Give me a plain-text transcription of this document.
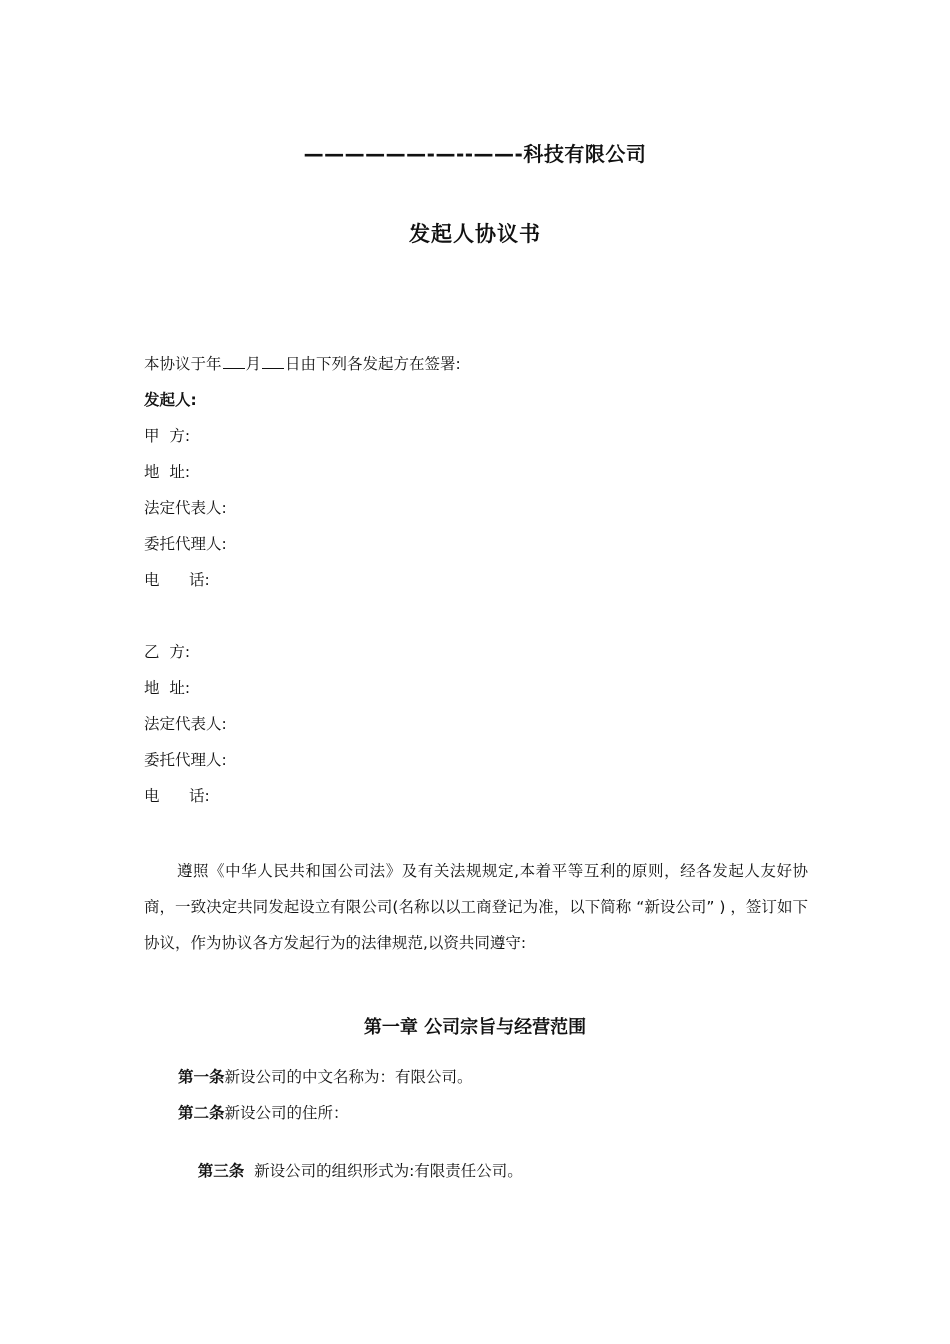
——————-—--——-科技有限公司
发起人协议书
本协议于年 月 日由下列各发起方在签署:
发起人:
甲  方:
地  址:
法定代表人:
委托代理人:
电      话:
乙  方:
地  址:
法定代表人:
委托代理人:
电      话:
遵照《中华人民共和国公司法》及有关法规规定,本着平等互利的原则，经各发起人友好协商，一致决定共同发起设立有限公司(名称以以工商登记为准，以下简称 “新设公司” ) ，签订如下协议，作为协议各方发起行为的法律规范,以资共同遵守:
第一章 公司宗旨与经营范围
第一条新设公司的中文名称为：有限公司。
第二条新设公司的住所：

第三条  新设公司的组织形式为:有限责任公司。
